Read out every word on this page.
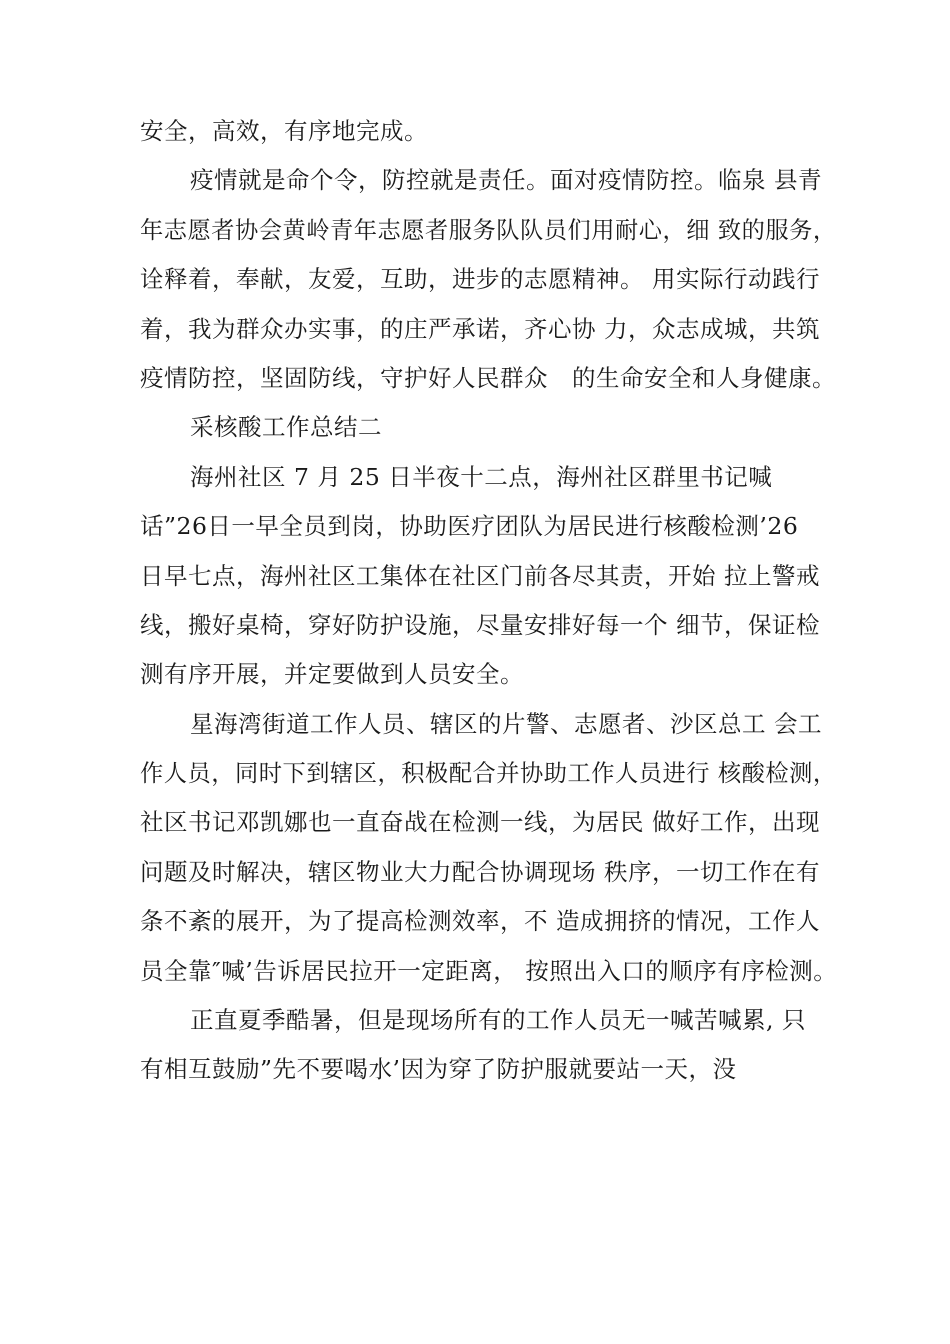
安全，高效，有序地完成。
疫情就是命个令，防控就是责任。面对疫情防控。临泉 县青
年志愿者协会黄岭青年志愿者服务队队员们用耐心，细 致的服务，
诠释着，奉献，友爱，互助，进步的志愿精神。 用实际行动践行
着，我为群众办实事，的庄严承诺，齐心协 力，众志成城，共筑
疫情防控，坚固防线，守护好人民群众　的生命安全和人身健康。
采核酸工作总结二
海州社区 7 月 25 日半夜十二点，海州社区群里书记喊
话”26日一早全员到岗，协助医疗团队为居民进行核酸检测’26
日早七点，海州社区工集体在社区门前各尽其责，开始 拉上警戒
线，搬好桌椅，穿好防护设施，尽量安排好每一个 细节，保证检
测有序开展，并定要做到人员安全。
星海湾街道工作人员、辖区的片警、志愿者、沙区总工 会工
作人员，同时下到辖区，积极配合并协助工作人员进行 核酸检测，
社区书记邓凯娜也一直奋战在检测一线，为居民 做好工作，出现
问题及时解决，辖区物业大力配合协调现场 秩序，一切工作在有
条不紊的展开，为了提高检测效率，不 造成拥挤的情况，工作人
员全靠″喊’告诉居民拉开一定距离， 按照出入口的顺序有序检测。
正直夏季酷暑，但是现场所有的工作人员无一喊苦喊累, 只
有相互鼓励”先不要喝水’因为穿了防护服就要站一天，没
